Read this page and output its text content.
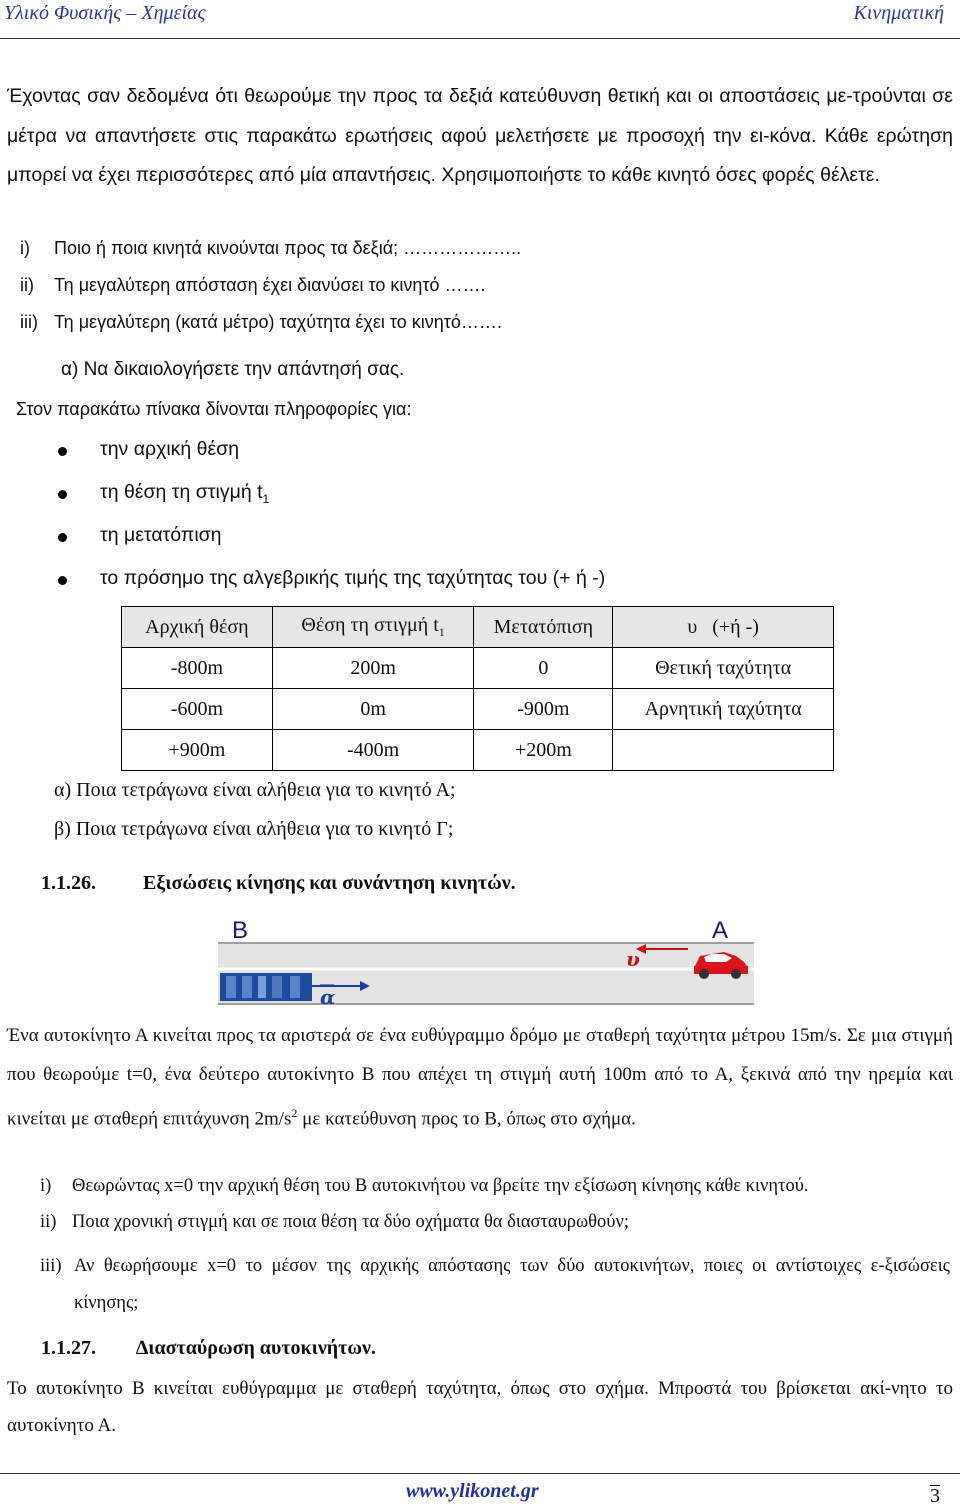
Υλικό Φυσικής – Χημείας	Κινηματική
Έχοντας σαν δεδομένα ότι θεωρούμε την προς τα δεξιά κατεύθυνση θετική και οι αποστάσεις με-τρούνται σε μέτρα να απαντήσετε στις παρακάτω ερωτήσεις αφού μελετήσετε με προσοχή την ει-κόνα. Κάθε ερώτηση μπορεί να έχει περισσότερες από μία απαντήσεις. Χρησιμοποιήστε το κάθε κινητό όσες φορές θέλετε.
i) Ποιο ή ποια κινητά κινούνται προς τα δεξιά; ………………..
ii) Τη μεγαλύτερη απόσταση έχει διανύσει το κινητό …….
iii) Τη μεγαλύτερη (κατά μέτρο) ταχύτητα έχει το κινητό…….
α) Να δικαιολογήσετε την απάντησή σας.
Στον παρακάτω πίνακα δίνονται πληροφορίες για:
την αρχική θέση
τη θέση τη στιγμή $t_1$
τη μετατόπιση
το πρόσημο της αλγεβρικής τιμής της ταχύτητας του (+ ή -)
Αρχική θέση	Θέση τη στιγμή $t_1$	Μετατόπιση	υ   (+ή -)
-800m	200m	0	Θετική ταχύτητα
-600m	0m	-900m	Αρνητική ταχύτητα
+900m	-400m	+200m	
α) Ποια τετράγωνα είναι αλήθεια για το κινητό Α;
β) Ποια τετράγωνα είναι αλήθεια για το κινητό Γ;
1.1.26. Εξισώσεις κίνησης και συνάντηση κινητών.
Β	Α
α
υ
Ένα αυτοκίνητο Α κινείται προς τα αριστερά σε ένα ευθύγραμμο δρόμο με σταθερή ταχύτητα μέτρου 15m/s. Σε μια στιγμή που θεωρούμε t=0, ένα δεύτερο αυτοκίνητο Β που απέχει τη στιγμή αυτή 100m από το Α, ξεκινά από την ηρεμία και κινείται με σταθερή επιτάχυνση $2m/s^2$ με κατεύθυνση προς το Β, όπως στο σχήμα.
i) Θεωρώντας x=0 την αρχική θέση του Β αυτοκινήτου να βρείτε την εξίσωση κίνησης κάθε κινητού.
ii) Ποια χρονική στιγμή και σε ποια θέση τα δύο οχήματα θα διασταυρωθούν;
iii) Αν θεωρήσουμε x=0 το μέσον της αρχικής απόστασης των δύο αυτοκινήτων, ποιες οι αντίστοιχες ε-ξισώσεις κίνησης;
1.1.27. ∆ιασταύρωση αυτοκινήτων.
Το αυτοκίνητο Β κινείται ευθύγραμμα με σταθερή ταχύτητα, όπως στο σχήμα. Μπροστά του βρίσκεται ακί-νητο το αυτοκίνητο Α.
www.ylikonet.gr	3
